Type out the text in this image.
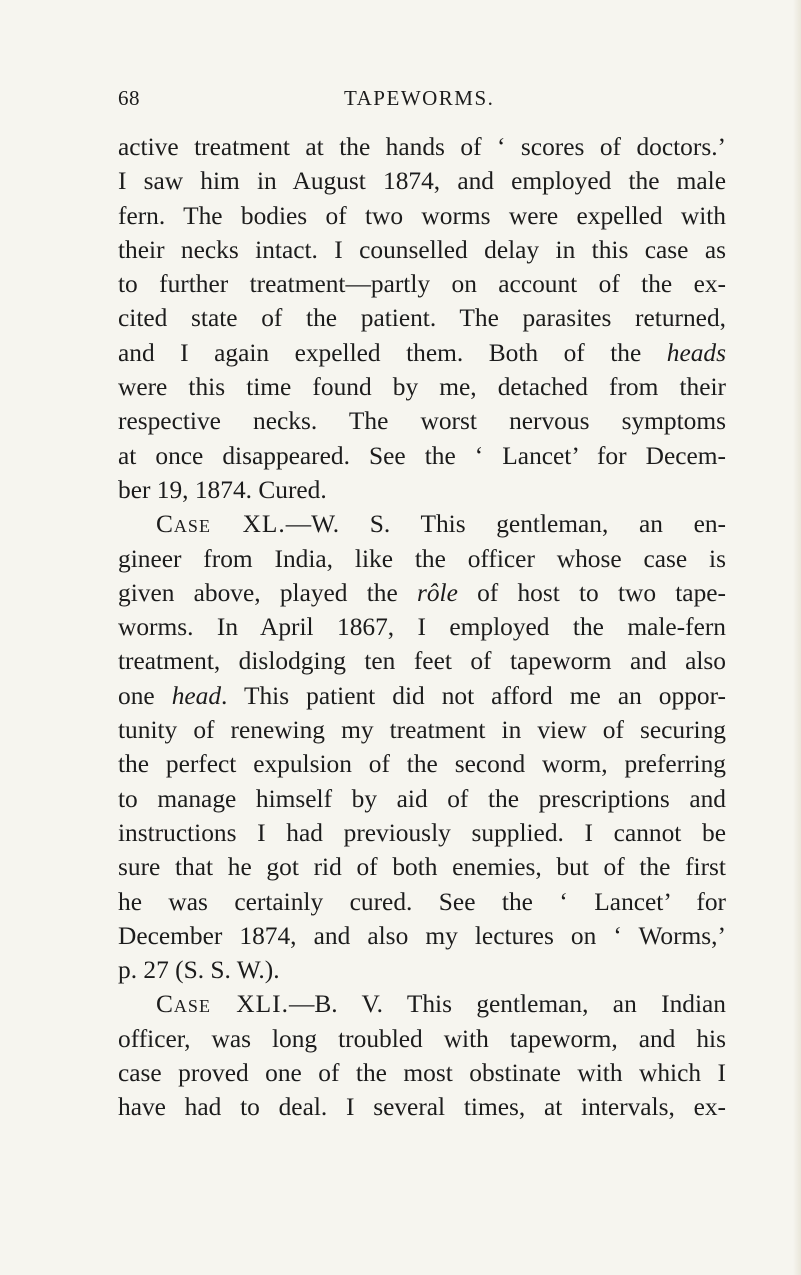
68	TAPEWORMS.
active treatment at the hands of ‘ scores of doctors.’
I saw him in August 1874, and employed the male
fern. The bodies of two worms were expelled with
their necks intact. I counselled delay in this case as
to further treatment—partly on account of the ex-
cited state of the patient. The parasites returned,
and I again expelled them. Both of the heads
were this time found by me, detached from their
respective necks. The worst nervous symptoms
at once disappeared. See the ‘ Lancet’ for Decem-
ber 19, 1874. Cured.
Case XL.—W. S. This gentleman, an en-
gineer from India, like the officer whose case is
given above, played the rôle of host to two tape-
worms. In April 1867, I employed the male-fern
treatment, dislodging ten feet of tapeworm and also
one head. This patient did not afford me an oppor-
tunity of renewing my treatment in view of securing
the perfect expulsion of the second worm, preferring
to manage himself by aid of the prescriptions and
instructions I had previously supplied. I cannot be
sure that he got rid of both enemies, but of the first
he was certainly cured. See the ‘ Lancet’ for
December 1874, and also my lectures on ‘ Worms,’
p. 27 (S. S. W.).
Case XLI.—B. V. This gentleman, an Indian
officer, was long troubled with tapeworm, and his
case proved one of the most obstinate with which I
have had to deal. I several times, at intervals, ex-
